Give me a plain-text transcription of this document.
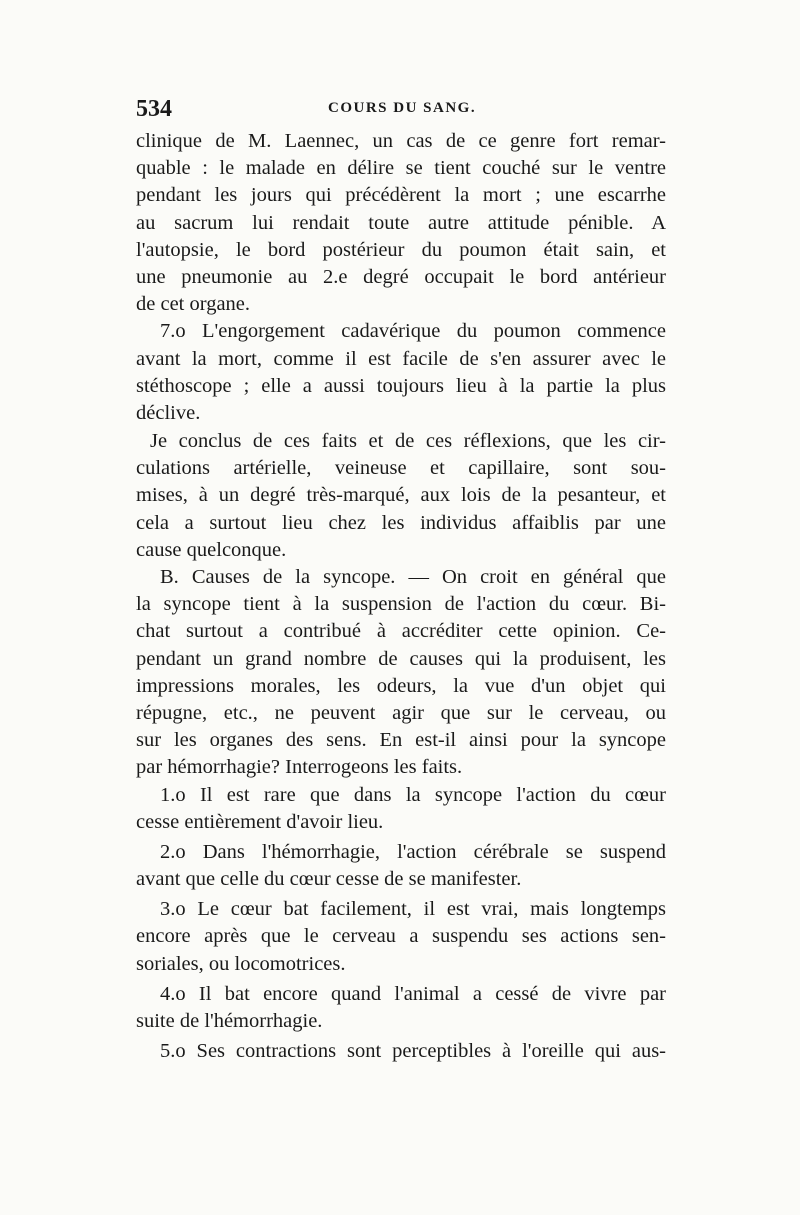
534	COURS DU SANG.
clinique de M. Laennec, un cas de ce genre fort remar-
quable : le malade en délire se tient couché sur le ventre
pendant les jours qui précédèrent la mort ; une escarrhe
au sacrum lui rendait toute autre attitude pénible. A
l'autopsie, le bord postérieur du poumon était sain, et
une pneumonie au 2.e degré occupait le bord antérieur
de cet organe.
7.o L'engorgement cadavérique du poumon commence
avant la mort, comme il est facile de s'en assurer avec le
stéthoscope ; elle a aussi toujours lieu à la partie la plus
déclive.
Je conclus de ces faits et de ces réflexions, que les cir-
culations artérielle, veineuse et capillaire, sont sou-
mises, à un degré très-marqué, aux lois de la pesanteur, et
cela a surtout lieu chez les individus affaiblis par une
cause quelconque.
B. Causes de la syncope. — On croit en général que
la syncope tient à la suspension de l'action du cœur. Bi-
chat surtout a contribué à accréditer cette opinion. Ce-
pendant un grand nombre de causes qui la produisent, les
impressions morales, les odeurs, la vue d'un objet qui
répugne, etc., ne peuvent agir que sur le cerveau, ou
sur les organes des sens. En est-il ainsi pour la syncope
par hémorrhagie? Interrogeons les faits.
1.o Il est rare que dans la syncope l'action du cœur
cesse entièrement d'avoir lieu.
2.o Dans l'hémorrhagie, l'action cérébrale se suspend
avant que celle du cœur cesse de se manifester.
3.o Le cœur bat facilement, il est vrai, mais longtemps
encore après que le cerveau a suspendu ses actions sen-
soriales, ou locomotrices.
4.o Il bat encore quand l'animal a cessé de vivre par
suite de l'hémorrhagie.
5.o Ses contractions sont perceptibles à l'oreille qui aus-
